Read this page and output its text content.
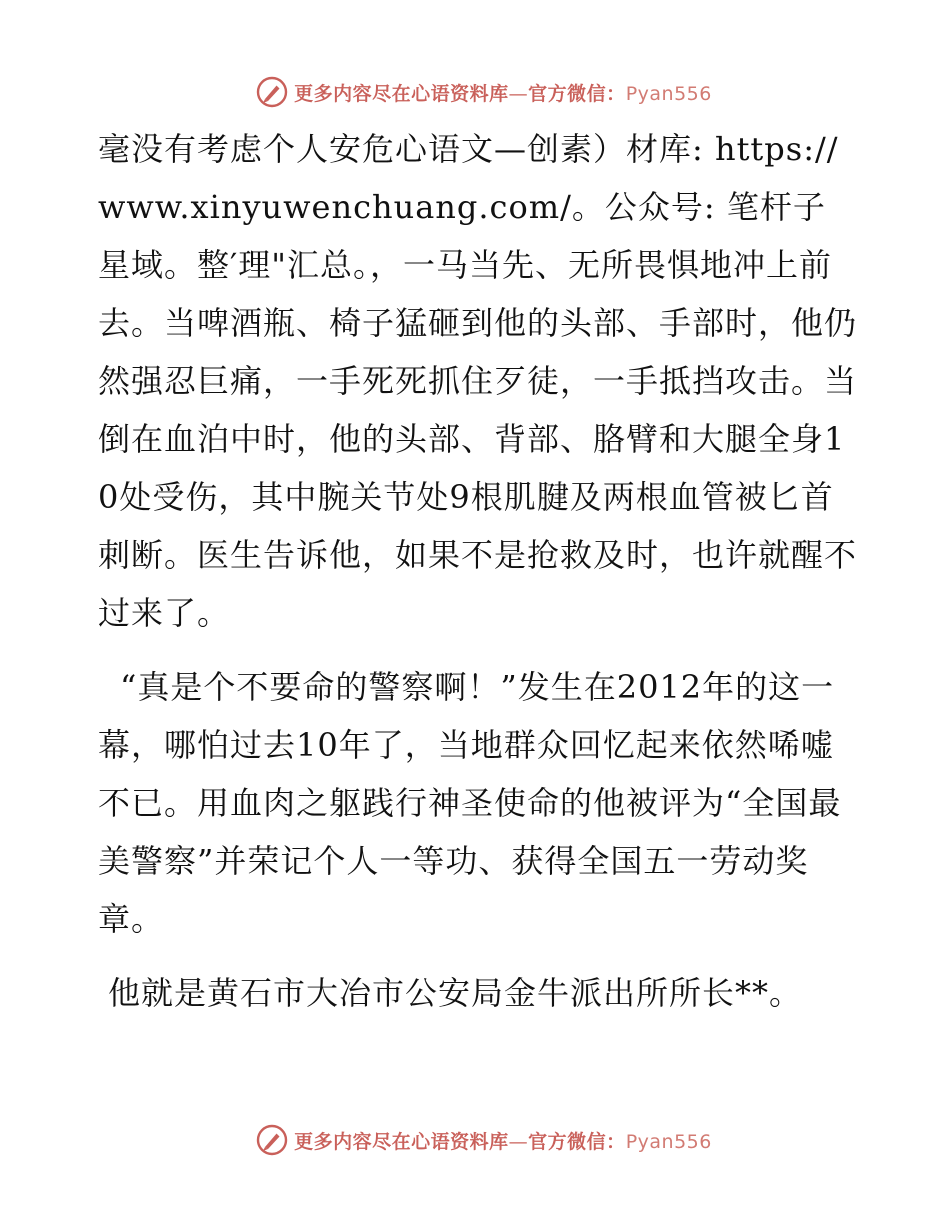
更多内容尽在心语资料库—官方微信：Pyan556

毫没有考虑个人安危心语文—创素）材库: https://www.xinyuwenchuang.com/。公众号: 笔杆子星域。整′理"汇总。，一马当先、无所畏惧地冲上前去。当啤酒瓶、椅子猛砸到他的头部、手部时，他仍然强忍巨痛，一手死死抓住歹徒，一手抵挡攻击。当倒在血泊中时，他的头部、背部、胳臂和大腿全身10处受伤，其中腕关节处9根肌腱及两根血管被匕首刺断。医生告诉他，如果不是抢救及时，也许就醒不过来了。

“真是个不要命的警察啊！”发生在2012年的这一幕，哪怕过去10年了，当地群众回忆起来依然唏嘘不已。用血肉之躯践行神圣使命的他被评为“全国最美警察”并荣记个人一等功、获得全国五一劳动奖章。

他就是黄石市大冶市公安局金牛派出所所长**。

更多内容尽在心语资料库—官方微信：Pyan556
